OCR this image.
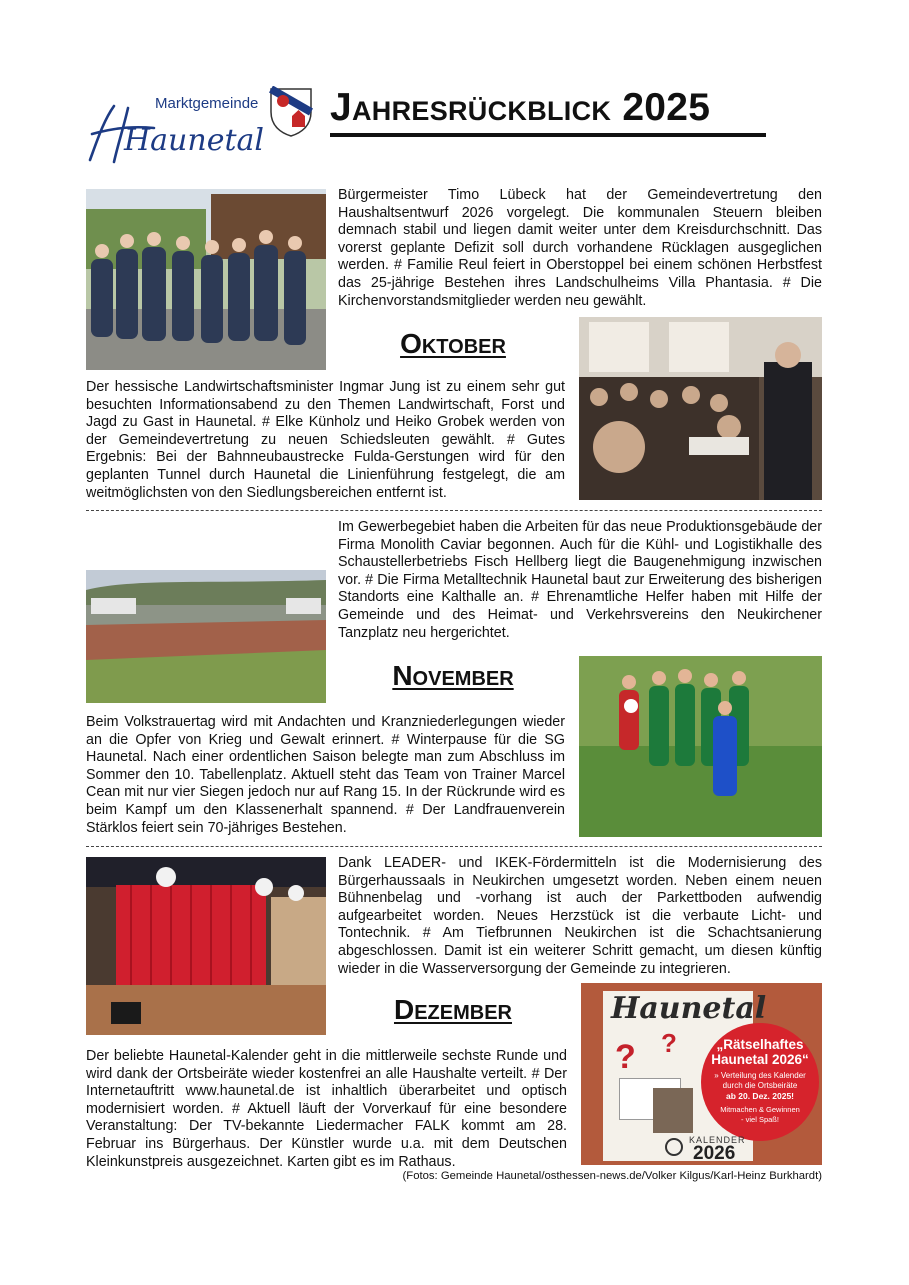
Marktgemeinde
Haunetal
Jahresrückblick 2025
Bürgermeister Timo Lübeck hat der Gemeindevertretung den Haushaltsentwurf 2026 vorgelegt. Die kommunalen Steuern bleiben demnach stabil und liegen damit weiter unter dem Kreisdurchschnitt. Das vorerst geplante Defizit soll durch vorhandene Rücklagen ausgeglichen werden. # Familie Reul feiert in Oberstoppel bei einem schönen Herbstfest das 25-jährige Bestehen ihres Landschulheims Villa Phantasia. # Die Kirchenvorstandsmitglieder werden neu gewählt.
Oktober
Der hessische Landwirtschaftsminister Ingmar Jung ist zu einem sehr gut besuchten Informationsabend zu den Themen Landwirtschaft, Forst und Jagd zu Gast in Haunetal. # Elke Künholz und Heiko Grobek werden von der Gemeindevertretung zu neuen Schiedsleuten gewählt. # Gutes Ergebnis: Bei der Bahnneubaustrecke Fulda-Gerstungen wird für den geplanten Tunnel durch Haunetal die Linienführung festgelegt, die am weitmöglichsten von den Siedlungsbereichen entfernt ist.
Im Gewerbegebiet haben die Arbeiten für das neue Produktionsgebäude der Firma Monolith Caviar begonnen. Auch für die Kühl- und Logistikhalle des Schaustellerbetriebs Fisch Hellberg liegt die Baugenehmigung inzwischen vor. # Die Firma Metalltechnik Haunetal baut zur Erweiterung des bisherigen Standorts eine Kalthalle an. # Ehrenamtliche Helfer haben mit Hilfe der Gemeinde und des Heimat- und Verkehrsvereins den Neukirchener Tanzplatz neu hergerichtet.
November
Beim Volkstrauertag wird mit Andachten und Kranzniederlegungen wieder an die Opfer von Krieg und Gewalt erinnert. # Winterpause für die SG Haunetal. Nach einer ordentlichen Saison belegte man zum Abschluss im Sommer den 10. Tabellenplatz. Aktuell steht das Team von Trainer Marcel Cean mit nur vier Siegen jedoch nur auf Rang 15. In der Rückrunde wird es beim Kampf um den Klassenerhalt spannend. # Der Landfrauenverein Stärklos feiert sein 70-jähriges Bestehen.
Dank LEADER- und IKEK-Fördermitteln ist die Modernisierung des Bürgerhaussaals in Neukirchen umgesetzt worden. Neben einem neuen Bühnenbelag und -vorhang ist auch der Parkettboden aufwendig aufgearbeitet worden. Neues Herzstück ist die verbaute Licht- und Tontechnik. # Am Tiefbrunnen Neukirchen ist die Schachtsanierung abgeschlossen. Damit ist ein weiterer Schritt gemacht, um diesen künftig wieder in die Wasserversorgung der Gemeinde zu integrieren.
Dezember	Haunetal
? ?	„Rätselhaftes
Haunetal 2026“
» Verteilung des Kalender
durch die Ortsbeiräte
ab 20. Dez. 2025!
Mitmachen & Gewinnen
- viel Spaß!
KALENDER
2026
Der beliebte Haunetal-Kalender geht in die mittlerweile sechste Runde und wird dank der Ortsbeiräte wieder kostenfrei an alle Haushalte verteilt. # Der Internetauftritt www.haunetal.de ist inhaltlich überarbeitet und optisch modernisiert worden. # Aktuell läuft der Vorverkauf für eine besondere Veranstaltung: Der TV-bekannte Liedermacher FALK kommt am 28. Februar ins Bürgerhaus. Der Künstler wurde u.a. mit dem Deutschen Kleinkunstpreis ausgezeichnet. Karten gibt es im Rathaus.
(Fotos: Gemeinde Haunetal/osthessen-news.de/Volker Kilgus/Karl-Heinz Burkhardt)
